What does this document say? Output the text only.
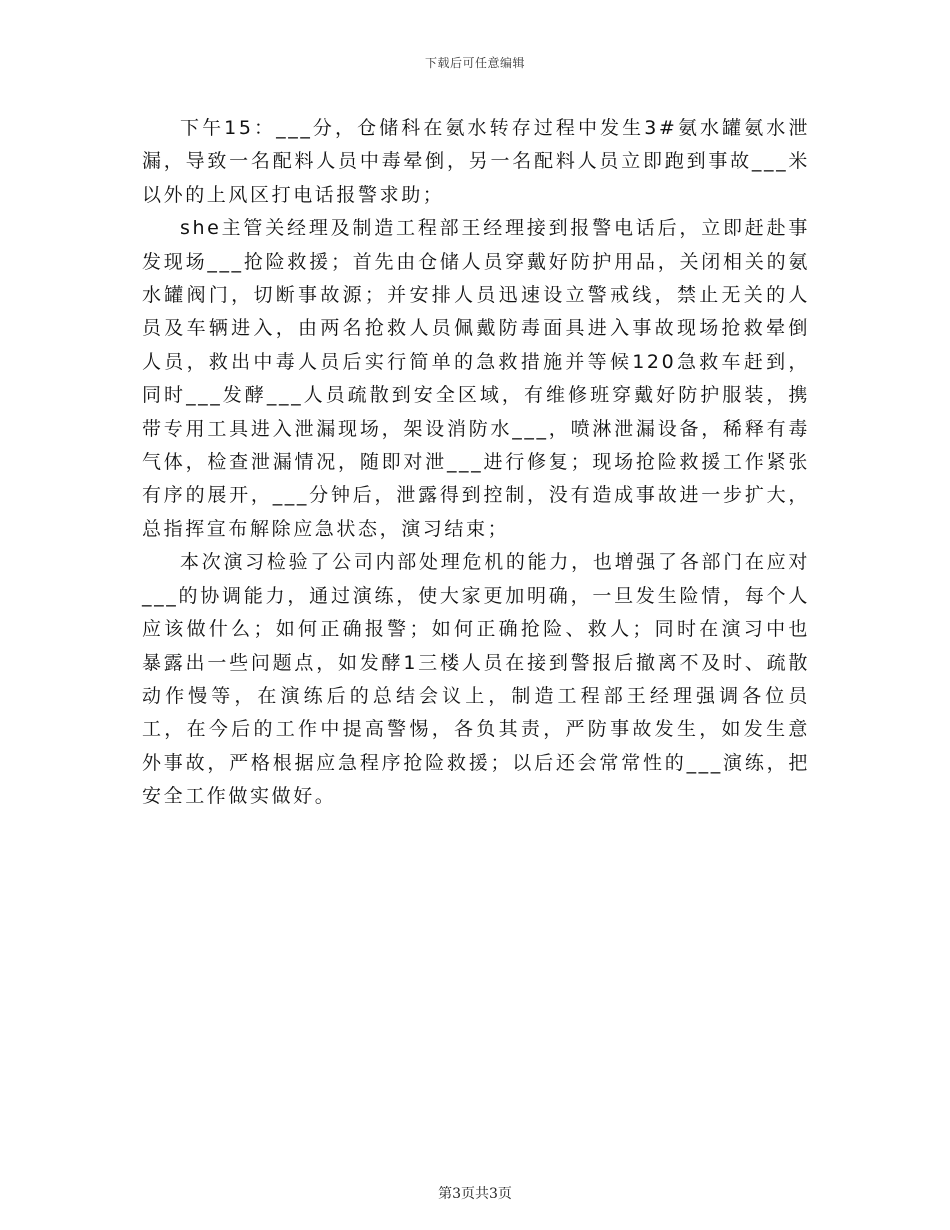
下载后可任意编辑

下午15：___分，仓储科在氨水转存过程中发生3#氨水罐氨水泄漏，导致一名配料人员中毒晕倒，另一名配料人员立即跑到事故___米以外的上风区打电话报警求助；

she主管关经理及制造工程部王经理接到报警电话后，立即赶赴事发现场___抢险救援；首先由仓储人员穿戴好防护用品，关闭相关的氨水罐阀门，切断事故源；并安排人员迅速设立警戒线，禁止无关的人员及车辆进入，由两名抢救人员佩戴防毒面具进入事故现场抢救晕倒人员，救出中毒人员后实行简单的急救措施并等候120急救车赶到，同时___发酵___人员疏散到安全区域，有维修班穿戴好防护服装，携带专用工具进入泄漏现场，架设消防水___，喷淋泄漏设备，稀释有毒气体，检查泄漏情况，随即对泄___进行修复；现场抢险救援工作紧张有序的展开，___分钟后，泄露得到控制，没有造成事故进一步扩大，总指挥宣布解除应急状态，演习结束；

本次演习检验了公司内部处理危机的能力，也增强了各部门在应对___的协调能力，通过演练，使大家更加明确，一旦发生险情，每个人应该做什么；如何正确报警；如何正确抢险、救人；同时在演习中也暴露出一些问题点，如发酵1三楼人员在接到警报后撤离不及时、疏散动作慢等，在演练后的总结会议上，制造工程部王经理强调各位员工，在今后的工作中提高警惕，各负其责，严防事故发生，如发生意外事故，严格根据应急程序抢险救援；以后还会常常性的___演练，把安全工作做实做好。

第3页共3页
